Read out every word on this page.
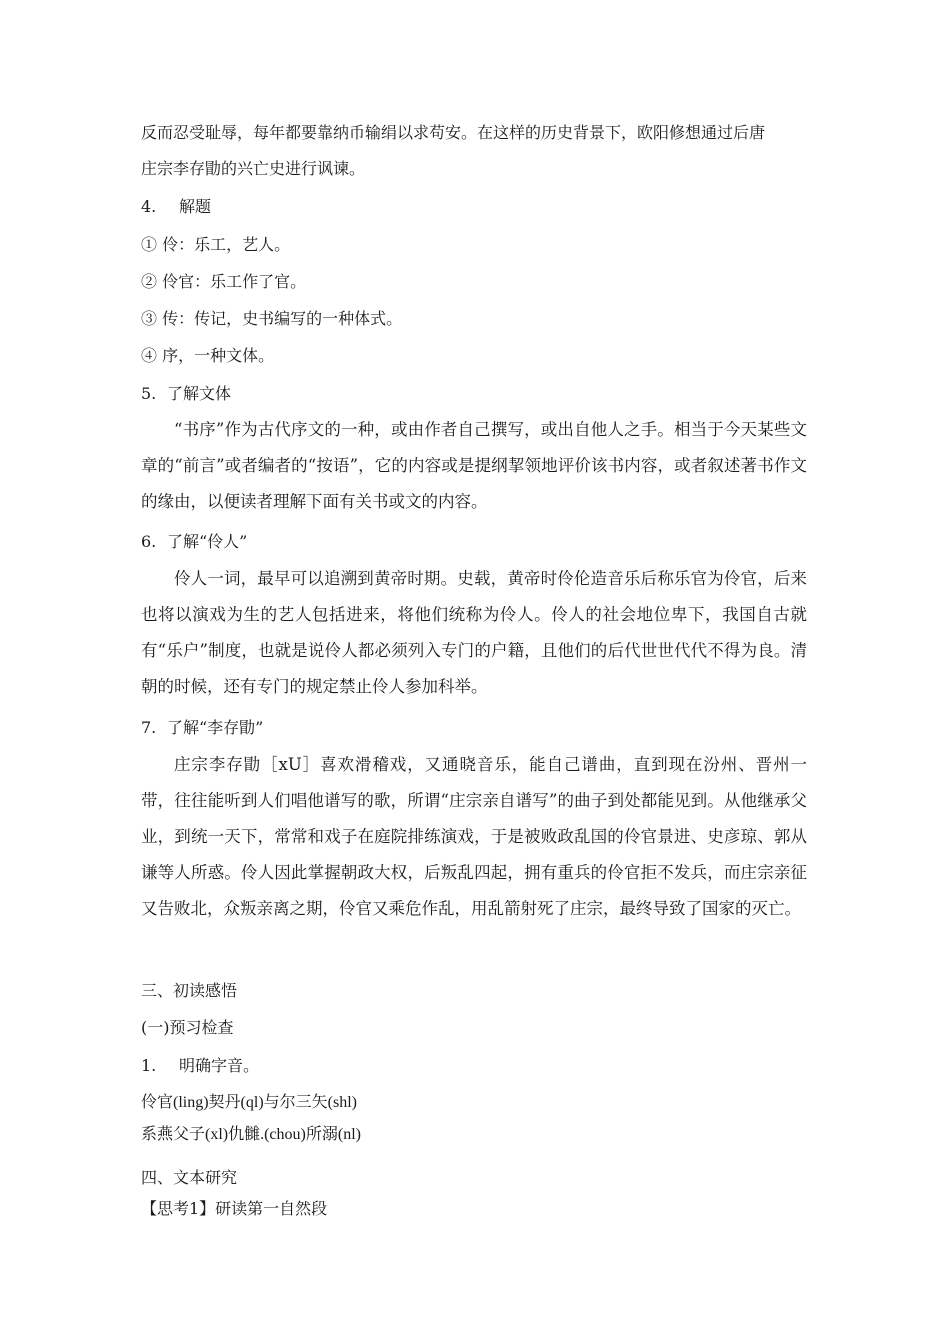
反而忍受耻辱，每年都要靠纳币输绢以求苟安。在这样的历史背景下，欧阳修想通过后唐
庄宗李存勖的兴亡史进行讽谏。
4. 解题
① 伶：乐工，艺人。
② 伶官：乐工作了官。
③ 传：传记，史书编写的一种体式。
④ 序，一种文体。
5. 了解文体
“书序”作为古代序文的一种，或由作者自己撰写，或出自他人之手。相当于今天某些文章的“前言”或者编者的“按语”，它的内容或是提纲挈领地评价该书内容，或者叙述著书作文的缘由，以便读者理解下面有关书或文的内容。
6. 了解“伶人”
伶人一词，最早可以追溯到黄帝时期。史载，黄帝时伶伦造音乐后称乐官为伶官，后来也将以演戏为生的艺人包括进来，将他们统称为伶人。伶人的社会地位卑下，我国自古就有“乐户”制度，也就是说伶人都必须列入专门的户籍，且他们的后代世世代代不得为良。清朝的时候，还有专门的规定禁止伶人参加科举。
7. 了解“李存勖”
庄宗李存勖［xU］喜欢滑稽戏，又通晓音乐，能自己谱曲，直到现在汾州、晋州一带，往往能听到人们唱他谱写的歌，所谓“庄宗亲自谱写”的曲子到处都能见到。从他继承父业，到统一天下，常常和戏子在庭院排练演戏，于是被败政乱国的伶官景进、史彦琼、郭从谦等人所惑。伶人因此掌握朝政大权，后叛乱四起，拥有重兵的伶官拒不发兵，而庄宗亲征又告败北，众叛亲离之期，伶官又乘危作乱，用乱箭射死了庄宗，最终导致了国家的灭亡。
三、初读感悟
(一)预习检查
1. 明确字音。
伶官(ling)契丹(ql)与尔三矢(shl)
系燕父子(xl)仇雠.(chou)所溺(nl)
四、文本研究
【思考1】研读第一自然段
